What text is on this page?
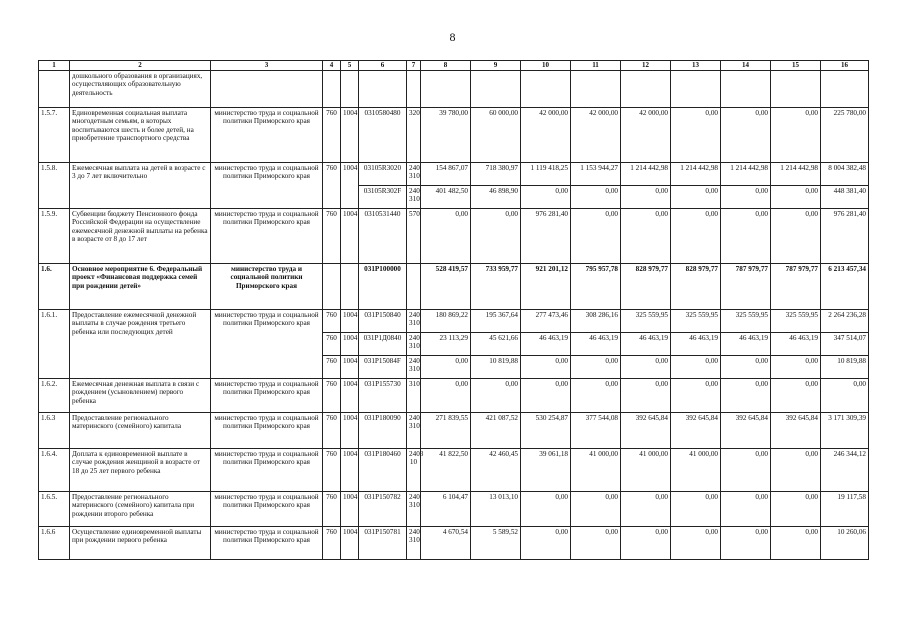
8
1	2	3	4	5	6	7	8	9	10	11	12	13	14	15	16
	дошкольного образования в организациях, осуществляющих образовательную деятельность														
1.5.7.	Единовременная социальная выплата многодетным семьям, в которых воспитываются шесть и более детей, на приобретение транспортного средства	министерство труда и социальной политики Приморского края	760	1004	0310580480	320	39 780,00	60 000,00	42 000,00	42 000,00	42 000,00	0,00	0,00	0,00	225 780,00
1.5.8.	Ежемесячная выплата на детей в возрасте с 3 до 7 лет включительно	министерство труда и социальной политики Приморского края	760	1004	03105R3020	240 310	154 867,07	718 380,97	1 119 418,25	1 153 944,27	1 214 442,98	1 214 442,98	1 214 442,98	1 214 442,98	8 004 382,48
					03105R302F	240 310	401 482,50	46 898,90	0,00	0,00	0,00	0,00	0,00	0,00	448 381,40
1.5.9.	Субвенции бюджету Пенсионного фонда Российской Федерации на осуществление ежемесячной денежной выплаты на ребенка в возрасте от 8 до 17 лет	министерство труда и социальной политики Приморского края	760	1004	0310531440	570	0,00	0,00	976 281,40	0,00	0,00	0,00	0,00	0,00	976 281,40
1.6.	Основное мероприятие 6. Федеральный проект «Финансовая поддержка семей при рождении детей»	министерство труда и социальной политики Приморского края			031P100000		528 419,57	733 959,77	921 201,12	795 957,78	828 979,77	828 979,77	787 979,77	787 979,77	6 213 457,34
1.6.1.	Предоставление ежемесячной денежной выплаты в случае рождения третьего ребенка или последующих детей	министерство труда и социальной политики Приморского края	760	1004	031P150840	240 310	180 869,22	195 367,64	277 473,46	308 286,16	325 559,95	325 559,95	325 559,95	325 559,95	2 264 236,28
			760	1004	031P1Д0840	240 310	23 113,29	45 621,66	46 463,19	46 463,19	46 463,19	46 463,19	46 463,19	46 463,19	347 514,07
			760	1004	031P15084F	240 310	0,00	10 819,88	0,00	0,00	0,00	0,00	0,00	0,00	10 819,88
1.6.2.	Ежемесячная денежная выплата в связи с рождением (усыновлением) первого ребенка	министерство труда и социальной политики Приморского края	760	1004	031P155730	310	0,00	0,00	0,00	0,00	0,00	0,00	0,00	0,00	0,00
1.6.3	Предоставление регионального материнского (семейного) капитала	министерство труда и социальной политики Приморского края	760	1004	031P180090	240 310	271 839,55	421 087,52	530 254,87	377 544,08	392 645,84	392 645,84	392 645,84	392 645,84	3 171 309,39
1.6.4.	Доплата к единовременной выплате в случае рождения женщиной в возрасте от 18 до 25 лет первого ребенка	министерство труда и социальной политики Приморского края	760	1004	031P180460	2403 10	41 822,50	42 460,45	39 061,18	41 000,00	41 000,00	41 000,00	0,00	0,00	246 344,12
1.6.5.	Предоставление регионального материнского (семейного) капитала при рождении второго ребенка	министерство труда и социальной политики Приморского края	760	1004	031P150782	240 310	6 104,47	13 013,10	0,00	0,00	0,00	0,00	0,00	0,00	19 117,58
1.6.6	Осуществление единовременной выплаты при рождении первого ребенка	министерство труда и социальной политики Приморского края	760	1004	031P150781	240 310	4 670,54	5 589,52	0,00	0,00	0,00	0,00	0,00	0,00	10 260,06
